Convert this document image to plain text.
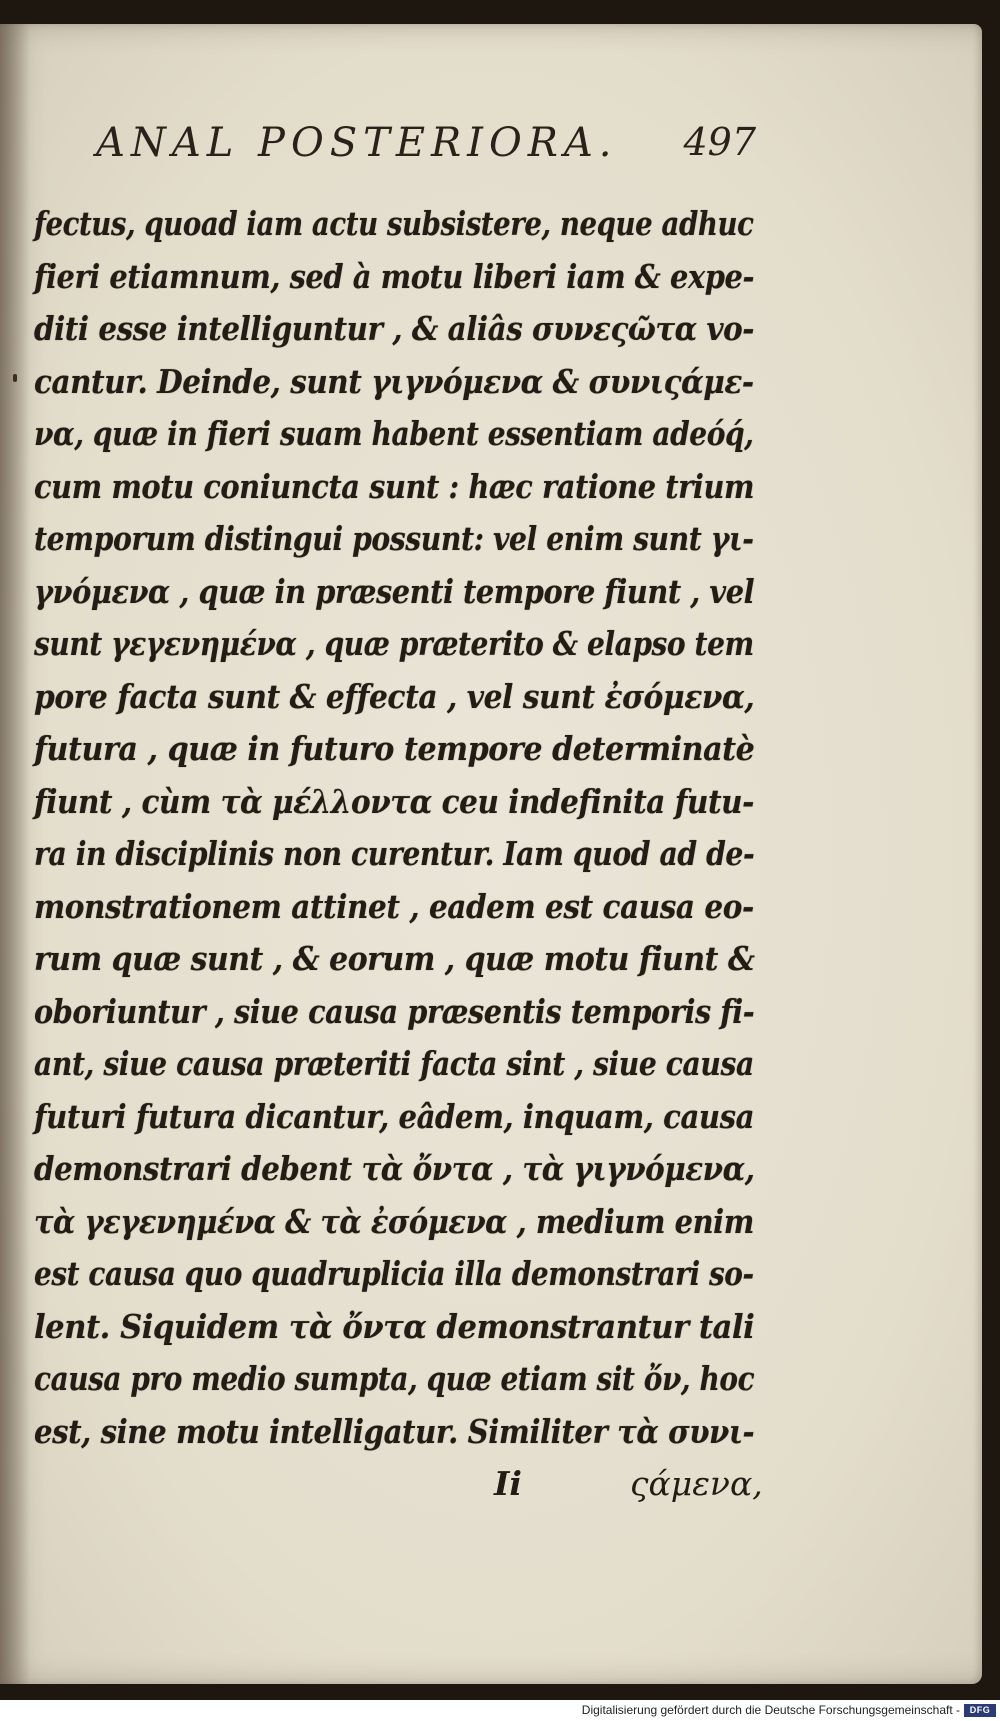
ANAL POSTERIORA. 497
fectus, quoad iam actu subsistere, neque adhuc
fieri etiamnum, sed à motu liberi iam & expe-
diti esse intelliguntur , & aliâs συνεςῶτα vo-
cantur. Deinde, sunt γιγνόμενα & συνιςάμε-
να, quæ in fieri suam habent essentiam adeóq́,
cum motu coniuncta sunt : hæc ratione trium
temporum distingui possunt: vel enim sunt γι-
γνόμενα , quæ in præsenti tempore fiunt , vel
sunt γεγενημένα , quæ præterito & elapso tem
pore facta sunt & effecta , vel sunt ἐσόμενα,
futura , quæ in futuro tempore determinatè
fiunt , cùm τὰ μέλλοντα ceu indefinita futu-
ra in disciplinis non curentur. Iam quod ad de-
monstrationem attinet , eadem est causa eo-
rum quæ sunt , & eorum , quæ motu fiunt &
oboriuntur , siue causa præsentis temporis fi-
ant, siue causa præteriti facta sint , siue causa
futuri futura dicantur, eâdem, inquam, causa
demonstrari debent τὰ ὄντα , τὰ γιγνόμενα,
τὰ γεγενημένα & τὰ ἐσόμενα , medium enim
est causa quo quadruplicia illa demonstrari so-
lent. Siquidem τὰ ὄντα demonstrantur tali
causa pro medio sumpta, quæ etiam sit ὄν, hoc
est, sine motu intelligatur. Similiter τὰ συνι-
Ii	ςάμενα,
Digitalisierung gefördert durch die Deutsche Forschungsgemeinschaft -	DFG
